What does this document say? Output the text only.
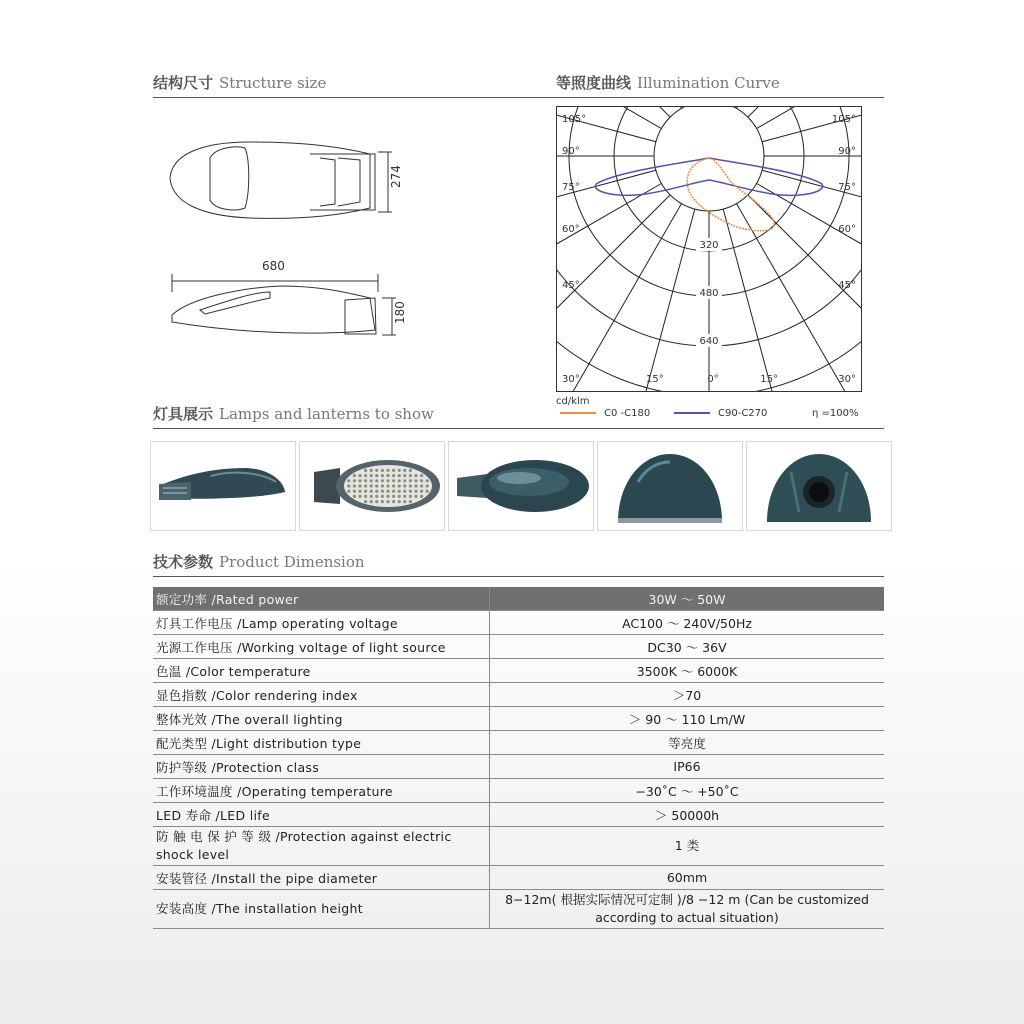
结构尺寸 Structure size	等照度曲线 Illumination Curve
274
680
180
105°	105°
90°	90°
75°	75°
60°	60°
45°	45°
30°	30°
15°	0°	15°
320
480
640
cd/klm
C0 -C180	C90-C270	η =100%
灯具展示 Lamps and lanterns to show
技术参数 Product Dimension
额定功率 /Rated power	30W ～ 50W
灯具工作电压 /Lamp operating voltage	AC100 ～ 240V/50Hz
光源工作电压 /Working voltage of light source	DC30 ～ 36V
色温 /Color temperature	3500K ～ 6000K
显色指数 /Color rendering index	＞70
整体光效 /The overall lighting	＞ 90 ～ 110 Lm/W
配光类型 /Light distribution type	等亮度
防护等级 /Protection class	IP66
工作环境温度 /Operating temperature	−30˚C ～ +50˚C
LED 寿命 /LED life	＞ 50000h
防 触 电 保 护 等 级 /Protection against electric shock level	1 类
安装管径 /Install the pipe diameter	60mm
安装高度 /The installation height	8−12m( 根据实际情况可定制 )/8 −12 m (Can be customized according to actual situation)
